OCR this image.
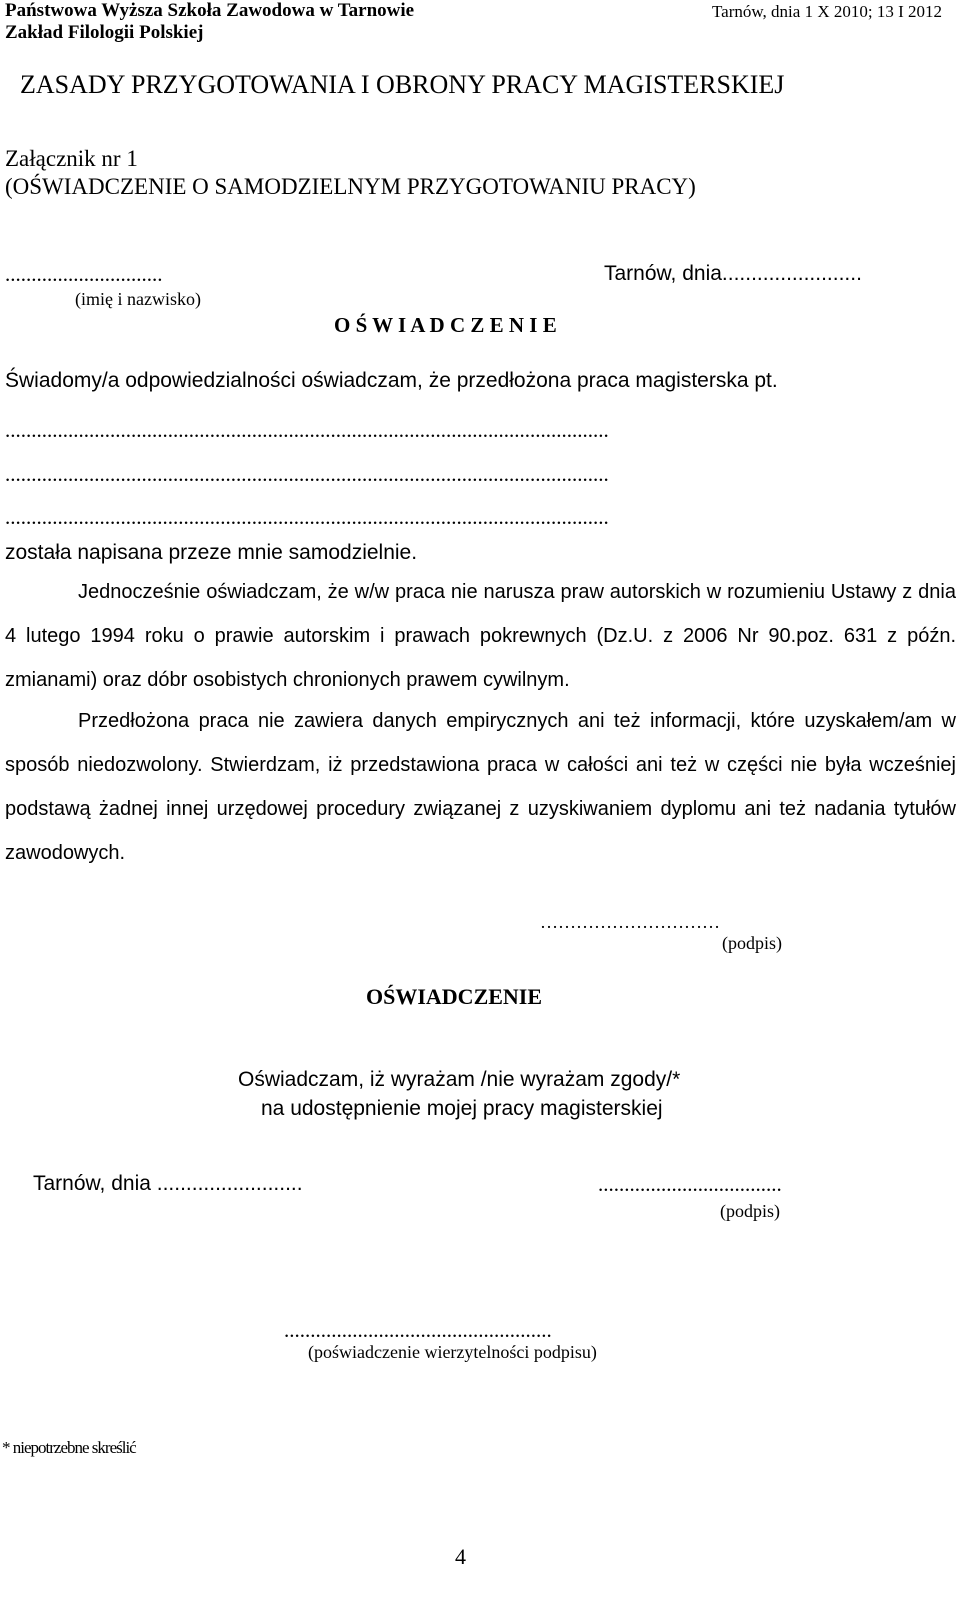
Państwowa Wyższa Szkoła Zawodowa w Tarnowie
Zakład Filologii Polskiej
Tarnów, dnia 1 X 2010; 13 I 2012
ZASADY PRZYGOTOWANIA I OBRONY PRACY MAGISTERSKIEJ
Załącznik nr 1
(OŚWIADCZENIE O SAMODZIELNYM PRZYGOTOWANIU PRACY)
..............................
(imię i nazwisko)
Tarnów, dnia........................
O Ś W I A D C Z E N I E
Świadomy/a odpowiedzialności oświadczam, że przedłożona praca magisterska pt.
...................................................................................................................
...................................................................................................................
...................................................................................................................
została napisana przeze mnie samodzielnie.
Jednocześnie oświadczam, że w/w praca nie narusza praw autorskich w rozumieniu Ustawy z dnia 4 lutego 1994 roku o prawie autorskim i prawach pokrewnych (Dz.U. z 2006 Nr 90.poz. 631 z późn. zmianami) oraz dóbr osobistych chronionych prawem cywilnym.
Przedłożona praca nie zawiera danych empirycznych ani też informacji, które uzyskałem/am w sposób niedozwolony. Stwierdzam, iż przedstawiona praca w całości ani też w części nie była wcześniej podstawą żadnej innej urzędowej procedury związanej z uzyskiwaniem dyplomu ani też nadania tytułów zawodowych.
…………………………
(podpis)
OŚWIADCZENIE
Oświadczam, iż wyrażam /nie wyrażam zgody/*
na udostępnienie mojej pracy magisterskiej
Tarnów, dnia .........................	...................................
(podpis)
...................................................
(poświadczenie wierzytelności podpisu)
* niepotrzebne skreślić
4
